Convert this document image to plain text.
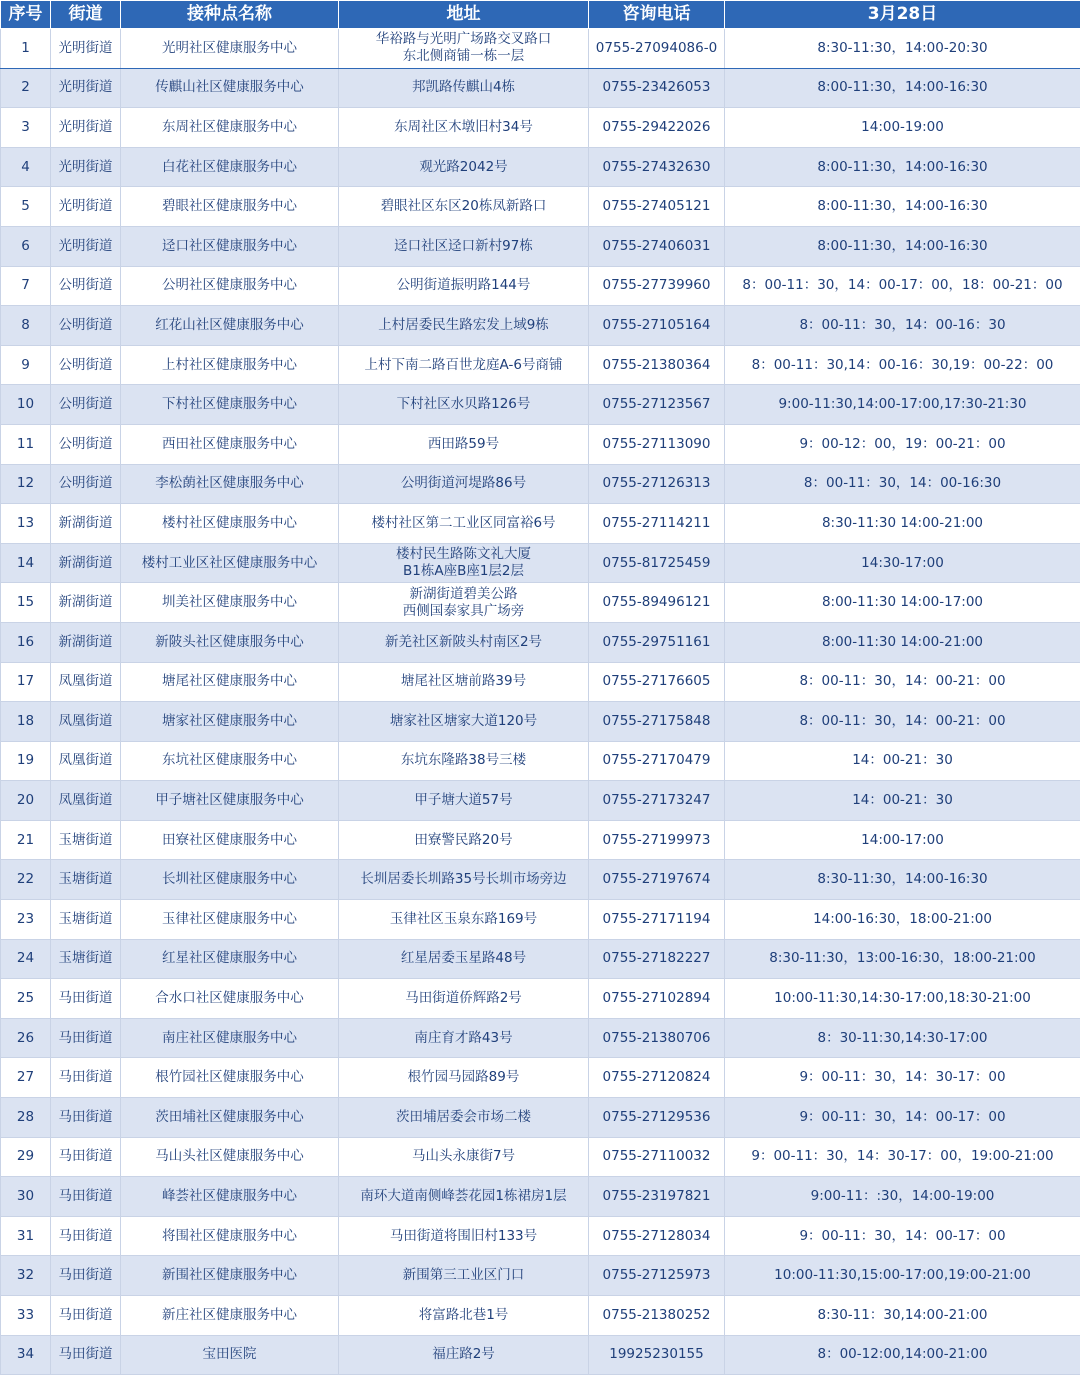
序号	街道	接种点名称	地址	咨询电话	3月28日
1	光明街道	光明社区健康服务中心	华裕路与光明广场路交叉路口
东北侧商铺一栋一层	0755-27094086-0	8:30-11:30，14:00-20:30
2	光明街道	传麒山社区健康服务中心	邦凯路传麒山4栋	0755-23426053	8:00-11:30，14:00-16:30
3	光明街道	东周社区健康服务中心	东周社区木墩旧村34号	0755-29422026	14:00-19:00
4	光明街道	白花社区健康服务中心	观光路2042号	0755-27432630	8:00-11:30，14:00-16:30
5	光明街道	碧眼社区健康服务中心	碧眼社区东区20栋凤新路口	0755-27405121	8:00-11:30，14:00-16:30
6	光明街道	迳口社区健康服务中心	迳口社区迳口新村97栋	0755-27406031	8:00-11:30，14:00-16:30
7	公明街道	公明社区健康服务中心	公明街道振明路144号	0755-27739960	8：00-11：30，14：00-17：00，18：00-21：00
8	公明街道	红花山社区健康服务中心	上村居委民生路宏发上域9栋	0755-27105164	8：00-11：30，14：00-16：30
9	公明街道	上村社区健康服务中心	上村下南二路百世龙庭A-6号商铺	0755-21380364	8：00-11：30,14：00-16：30,19：00-22：00
10	公明街道	下村社区健康服务中心	下村社区水贝路126号	0755-27123567	9:00-11:30,14:00-17:00,17:30-21:30
11	公明街道	西田社区健康服务中心	西田路59号	0755-27113090	9：00-12：00，19：00-21：00
12	公明街道	李松蓢社区健康服务中心	公明街道河堤路86号	0755-27126313	8：00-11：30，14：00-16:30
13	新湖街道	楼村社区健康服务中心	楼村社区第二工业区同富裕6号	0755-27114211	8:30-11:30 14:00-21:00
14	新湖街道	楼村工业区社区健康服务中心	楼村民生路陈文礼大厦
B1栋A座B座1层2层	0755-81725459	14:30-17:00
15	新湖街道	圳美社区健康服务中心	新湖街道碧美公路
西侧国泰家具广场旁	0755-89496121	8:00-11:30 14:00-17:00
16	新湖街道	新陂头社区健康服务中心	新羌社区新陂头村南区2号	0755-29751161	8:00-11:30 14:00-21:00
17	凤凰街道	塘尾社区健康服务中心	塘尾社区塘前路39号	0755-27176605	8：00-11：30，14：00-21：00
18	凤凰街道	塘家社区健康服务中心	塘家社区塘家大道120号	0755-27175848	8：00-11：30，14：00-21：00
19	凤凰街道	东坑社区健康服务中心	东坑东隆路38号三楼	0755-27170479	14：00-21：30
20	凤凰街道	甲子塘社区健康服务中心	甲子塘大道57号	0755-27173247	14：00-21：30
21	玉塘街道	田寮社区健康服务中心	田寮警民路20号	0755-27199973	14:00-17:00
22	玉塘街道	长圳社区健康服务中心	长圳居委长圳路35号长圳市场旁边	0755-27197674	8:30-11:30，14:00-16:30
23	玉塘街道	玉律社区健康服务中心	玉律社区玉泉东路169号	0755-27171194	14:00-16:30，18:00-21:00
24	玉塘街道	红星社区健康服务中心	红星居委玉星路48号	0755-27182227	8:30-11:30，13:00-16:30，18:00-21:00
25	马田街道	合水口社区健康服务中心	马田街道侨辉路2号	0755-27102894	10:00-11:30,14:30-17:00,18:30-21:00
26	马田街道	南庄社区健康服务中心	南庄育才路43号	0755-21380706	8：30-11:30,14:30-17:00
27	马田街道	根竹园社区健康服务中心	根竹园马园路89号	0755-27120824	9：00-11：30，14：30-17：00
28	马田街道	茨田埔社区健康服务中心	茨田埔居委会市场二楼	0755-27129536	9：00-11：30，14：00-17：00
29	马田街道	马山头社区健康服务中心	马山头永康街7号	0755-27110032	9：00-11：30，14：30-17：00，19:00-21:00
30	马田街道	峰荟社区健康服务中心	南环大道南侧峰荟花园1栋裙房1层	0755-23197821	9:00-11：:30，14:00-19:00
31	马田街道	将围社区健康服务中心	马田街道将围旧村133号	0755-27128034	9：00-11：30，14：00-17：00
32	马田街道	新围社区健康服务中心	新围第三工业区门口	0755-27125973	10:00-11:30,15:00-17:00,19:00-21:00
33	马田街道	新庄社区健康服务中心	将富路北巷1号	0755-21380252	8:30-11：30,14:00-21:00
34	马田街道	宝田医院	福庄路2号	19925230155	8：00-12:00,14:00-21:00
